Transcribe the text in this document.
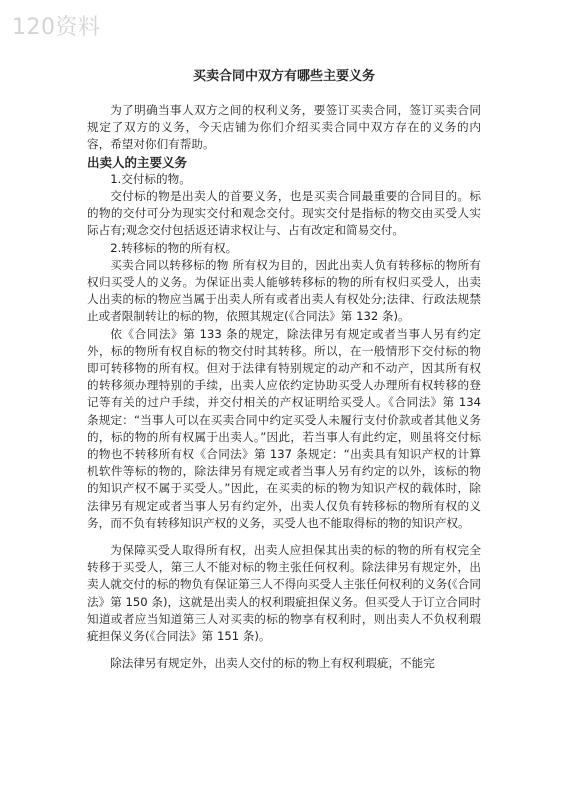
120资料
买卖合同中双方有哪些主要义务

为了明确当事人双方之间的权利义务，要签订买卖合同，签订买卖合同规定了双方的义务，今天店铺为你们介绍买卖合同中双方存在的义务的内容，希望对你们有帮助。

出卖人的主要义务

1.交付标的物。

交付标的物是出卖人的首要义务，也是买卖合同最重要的合同目的。标的物的交付可分为现实交付和观念交付。现实交付是指标的物交由买受人实际占有;观念交付包括返还请求权让与、占有改定和简易交付。

2.转移标的物的所有权。

买卖合同以转移标的物 所有权为目的，因此出卖人负有转移标的物所有权归买受人的义务。为保证出卖人能够转移标的物的所有权归买受人，出卖人出卖的标的物应当属于出卖人所有或者出卖人有权处分;法律、行政法规禁止或者限制转让的标的物，依照其规定(《合同法》第 132 条)。

依《合同法》第 133 条的规定，除法律另有规定或者当事人另有约定外，标的物所有权自标的物交付时其转移。所以，在一般情形下交付标的物即可转移物的所有权。但对于法律有特别规定的动产和不动产，因其所有权的转移须办理特别的手续，出卖人应依约定协助买受人办理所有权转移的登记等有关的过户手续，并交付相关的产权证明给买受人。《合同法》第 134 条规定：“当事人可以在买卖合同中约定买受人未履行支付价款或者其他义务的，标的物的所有权属于出卖人。”因此，若当事人有此约定，则虽将交付标的物也不转移所有权《合同法》第 137 条规定：“出卖具有知识产权的计算机软件等标的物的，除法律另有规定或者当事人另有约定的以外，该标的物的知识产权不属于买受人。”因此，在买卖的标的物为知识产权的载体时，除法律另有规定或者当事人另有约定外，出卖人仅负有转移标的物所有权的义务，而不负有转移知识产权的义务，买受人也不能取得标的物的知识产权。

为保障买受人取得所有权，出卖人应担保其出卖的标的物的所有权完全转移于买受人，第三人不能对标的物主张任何权利。除法律另有规定外，出卖人就交付的标的物负有保证第三人不得向买受人主张任何权利的义务(《合同法》第 150 条)，这就是出卖人的权利瑕疵担保义务。但买受人于订立合同时知道或者应当知道第三人对买卖的标的物享有权利时，则出卖人不负权利瑕疵担保义务(《合同法》第 151 条)。

除法律另有规定外，出卖人交付的标的物上有权利瑕疵，不能完
